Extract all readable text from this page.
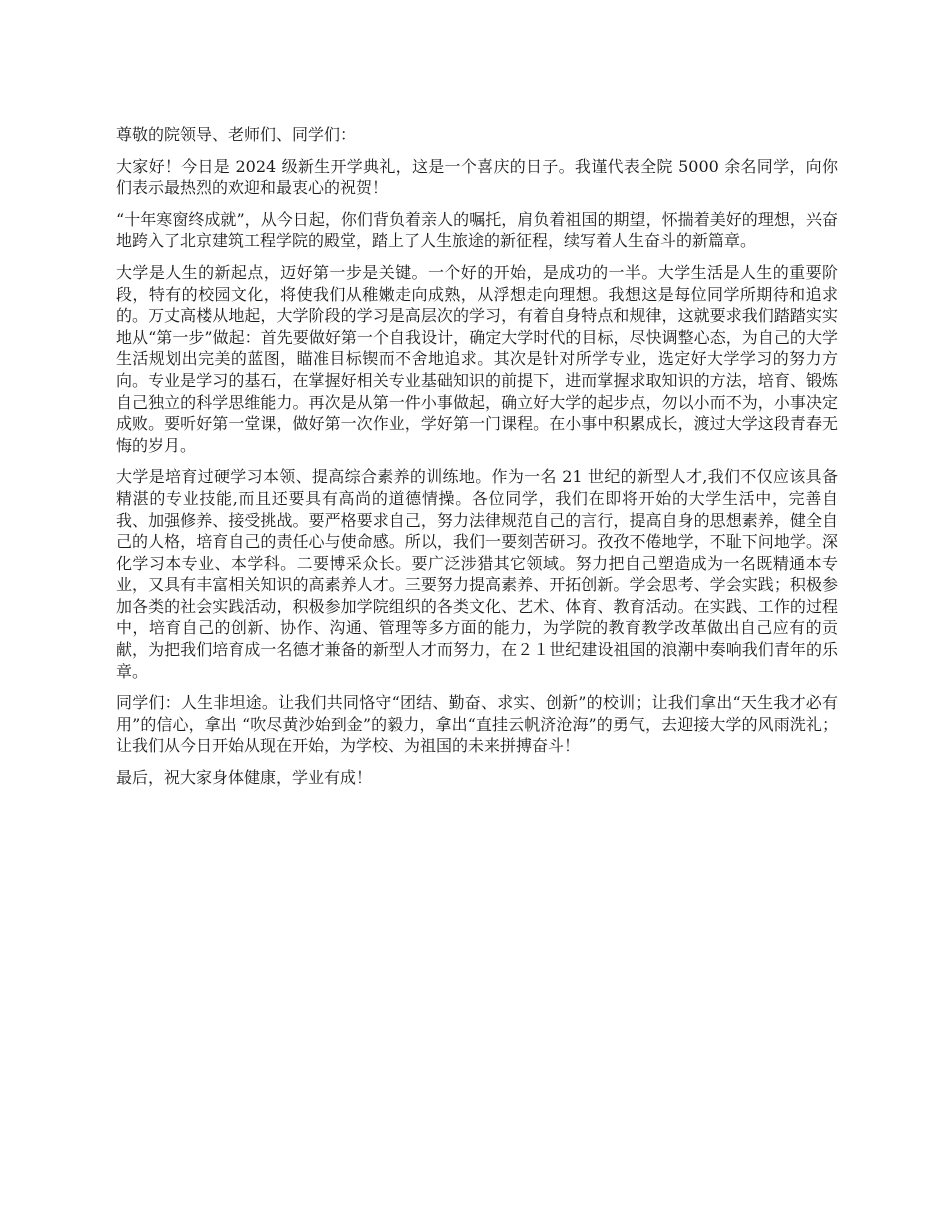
尊敬的院领导、老师们、同学们：

大家好！今日是 2024 级新生开学典礼，这是一个喜庆的日子。我谨代表全院 5000 余名同学，向你们表示最热烈的欢迎和最衷心的祝贺！

“十年寒窗终成就”，从今日起，你们背负着亲人的嘱托，肩负着祖国的期望，怀揣着美好的理想，兴奋地跨入了北京建筑工程学院的殿堂，踏上了人生旅途的新征程，续写着人生奋斗的新篇章。

大学是人生的新起点，迈好第一步是关键。一个好的开始，是成功的一半。大学生活是人生的重要阶段，特有的校园文化，将使我们从稚嫩走向成熟，从浮想走向理想。我想这是每位同学所期待和追求的。万丈高楼从地起，大学阶段的学习是高层次的学习，有着自身特点和规律，这就要求我们踏踏实实地从“第一步”做起：首先要做好第一个自我设计，确定大学时代的目标，尽快调整心态，为自己的大学生活规划出完美的蓝图，瞄准目标锲而不舍地追求。其次是针对所学专业，选定好大学学习的努力方向。专业是学习的基石，在掌握好相关专业基础知识的前提下，进而掌握求取知识的方法，培育、锻炼自己独立的科学思维能力。再次是从第一件小事做起，确立好大学的起步点，勿以小而不为，小事决定成败。要听好第一堂课，做好第一次作业，学好第一门课程。在小事中积累成长，渡过大学这段青春无悔的岁月。

大学是培育过硬学习本领、提高综合素养的训练地。作为一名 21 世纪的新型人才,我们不仅应该具备精湛的专业技能,而且还要具有高尚的道德情操。各位同学，我们在即将开始的大学生活中，完善自我、加强修养、接受挑战。要严格要求自己，努力法律规范自己的言行，提高自身的思想素养，健全自己的人格，培育自己的责任心与使命感。所以，我们一要刻苦研习。孜孜不倦地学，不耻下问地学。深化学习本专业、本学科。二要博采众长。要广泛涉猎其它领域。努力把自己塑造成为一名既精通本专业，又具有丰富相关知识的高素养人才。三要努力提高素养、开拓创新。学会思考、学会实践；积极参加各类的社会实践活动，积极参加学院组织的各类文化、艺术、体育、教育活动。在实践、工作的过程中，培育自己的创新、协作、沟通、管理等多方面的能力，为学院的教育教学改革做出自己应有的贡献，为把我们培育成一名德才兼备的新型人才而努力，在２１世纪建设祖国的浪潮中奏响我们青年的乐章。

同学们：人生非坦途。让我们共同恪守“团结、勤奋、求实、创新”的校训；让我们拿出“天生我才必有用”的信心，拿出 “吹尽黄沙始到金”的毅力，拿出“直挂云帆济沧海”的勇气，去迎接大学的风雨洗礼；让我们从今日开始从现在开始，为学校、为祖国的未来拼搏奋斗！

最后，祝大家身体健康，学业有成！
